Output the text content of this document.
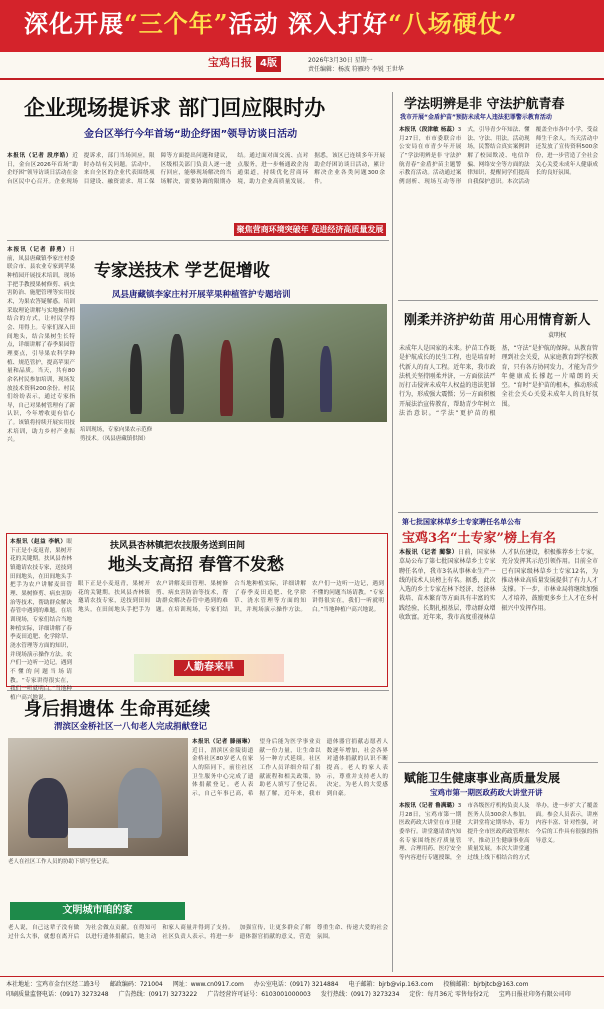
深化开展“三个年”活动 深入打好“八场硬仗”
宝鸡日报 4版	2026年3月30日 星期一
责任编辑：杨波 符雁玲 李锐 王世华
企业现场提诉求 部门回应限时办
金台区举行今年首场“助企纾困”领导访谈日活动
本报讯（记者 段序皓）近日，金台区2026年首场“助企纾困”领导访谈日活动在金台区民中心召开。企业现场提诉求，部门当场回应，限时办结有关问题。活动中，来自全区的企业代表围绕项目建设、融资需求、用工保障等方面提出问题和建议，区级相关部门负责人逐一进行回应，能够现场解决的当场解决，需要协调的限期办结。通过面对面交流、点对点服务，进一步畅通政企沟通渠道，持续优化营商环境，助力企业高质量发展。据悉，该区已连续多年开展助企纾困访谈日活动，累计解决企业各类问题300余件。
聚焦营商环境突破年 促进经济高质量发展
学法明辨是非 守法护航青春
我市开展“金盾护苗”预防未成年人违法犯罪警示教育活动
本报讯（段津敏 杨蕊）3月27日，市市委联合市公安局在市青少年开展了“学法明辨是非 守法护航青春”金盾护苗主题警示教育活动。活动通过案例剖析、现场互动等形式，引导青少年知法、懂法、守法、用法。活动现场，民警结合真实案例讲解了校园欺凌、电信诈骗、网络安全等方面的法律知识，提醒同学们提高自我保护意识。本次活动覆盖全市各中小学，受益师生千余人。当天活动中还发放了宣传资料500余份，进一步营造了全社会关心关爱未成年人健康成长的良好氛围。
本报讯（记者 薛勇）日前，凤县唐藏镇李家庄村委联合市、县农业专家到苹果种植园开展技术培训，现场手把手教授果树修剪、病虫害防治、施肥管理等实用技术，为果农答疑解惑。培训采取理论讲解与实地操作相结合的方式，让村民学得会、用得上。专家们深入田间地头，结合果树生长特点，详细讲解了春季果园管理要点，引导果农科学种植、规范管护，提高苹果产量和品质。当天，共有80余名村民参加培训，现场发放技术资料200余份。村民们纷纷表示，通过专家指导，自己对果树管理有了新认识，今年增收更有信心了。该镇将持续开展实用技术培训，助力乡村产业振兴。
专家送技术 学艺促增收
凤县唐藏镇李家庄村开展苹果种植管护专题培训
培训现场，专家向果农示范修剪技术。（凤县唐藏镇供图）
刚柔并济护幼苗 用心用情育新人
袁明权
未成年人是国家的未来。护苗工作既是护航成长的民生工程，也是培育时代新人的育人工程。近年来，我市政法机关坚持刚柔并济，一方面依法严厉打击侵害未成年人权益的违法犯罪行为，形成强大震慑；另一方面积极开展法治宣传教育，帮助青少年树立法治意识。“学法”更护苗的根基，“守法”是护航的保障。从教育管理到社会关爱，从家庭教育到学校教育，只有各方协同发力，才能为青少年健康成长撑起一片晴朗的天空。“育时”是护苗的根本，推动形成全社会关心关爱未成年人的良好氛围。
本报讯（赵益 李帆）眼下正是小麦返青，果树开花的关键期。扶风县杏林镇邀请农技专家，送技到田间地头，在田间地头手把手为农户讲解麦田管理、果树修剪、病虫害防治等技术，帮助群众解决春管中遇到的难题。在培训现场，专家们结合当地种植实际，详细讲解了春季麦田追肥、化学除草、浇水管理等方面的知识，并现场演示操作方法。农户们一边听一边记，遇到不懂的问题当场请教。“专家讲得很实在，我们一听就明白。”当地种植户高兴地说。
扶风县杏林镇把农技服务送到田间
地头支高招 春管不发愁
眼下正是小麦返青，果树开花的关键期。扶风县杏林镇邀请农技专家，送技到田间地头，在田间地头手把手为农户讲解麦田管理、果树修剪、病虫害防治等技术，帮助群众解决春管中遇到的难题。在培训现场，专家们结合当地种植实际，详细讲解了春季麦田追肥、化学除草、浇水管理等方面的知识，并现场演示操作方法。农户们一边听一边记，遇到不懂的问题当场请教。“专家讲得很实在，我们一听就明白。”当地种植户高兴地说。
人勤春来早
第七批国家林草乡土专家聘任名单公布
宝鸡3名“土专家”榜上有名
本报讯（记者 蔺黎）日前，国家林草局公布了第七批国家林草乡土专家聘任名单，我市3名从事林业生产一线的技术人员榜上有名。据悉，此次入选的乡土专家在林下经济、经济林栽培、苗木繁育等方面具有丰富的实践经验，长期扎根基层，带动群众增收致富。近年来，我市高度重视林草人才队伍建设，积极推荐乡土专家，充分发挥其示范引领作用。目前全市已有国家级林草乡土专家12名，为推动林业高质量发展提供了有力人才支撑。下一步，市林业局将继续加强人才培养，鼓励更多乡土人才在乡村振兴中发挥作用。
身后捐遗体 生命再延续
渭滨区金桥社区一八旬老人完成捐献登记
老人在社区工作人员的协助下填写登记表。
文明城市咱的家
本报讯（记者 滕丽琳）近日，渭滨区金陵街道金桥社区80岁老人在家人的陪同下，前往社区卫生服务中心完成了遗体捐献登记。老人表示，自己年事已高，希望身后能为医学事业贡献一份力量，让生命以另一种方式延续。社区工作人员详细介绍了捐献流程和相关政策，协助老人填写了登记表。据了解，近年来，我市遗体器官捐献志愿者人数逐年增加，社会各界对遗体捐献的认识不断提高。老人的家人表示，尊重并支持老人的决定，为老人的大爱感到自豪。
老人说，自己这辈子没有做过什么大事，就想在离开后为社会做点贡献。在得知可以进行遗体捐献后，她主动和家人商量并得到了支持。社区负责人表示，将进一步加强宣传，让更多群众了解遗体器官捐献的意义，营造尊重生命、传递大爱的社会氛围。
赋能卫生健康事业高质量发展
宝鸡市第一期医政药政大讲堂开讲
本报讯（记者 鲁满璐）3月28日，宝鸡市第一期医政药政大讲堂在市卫健委举行。讲堂邀请省内知名专家围绕医疗质量管理、合理用药、医疗安全等内容进行专题授课，全市各级医疗机构负责人及医务人员300余人参加。大讲堂将定期举办，着力提升全市医政药政管理水平，推动卫生健康事业高质量发展。本次大讲堂通过线上线下相结合的方式举办，进一步扩大了覆盖面。参会人员表示，讲座内容丰富、针对性强，对今后的工作具有很强的指导意义。
本社地址：宝鸡市金台区经二路3号 邮政编码：721004 网址：www.cn0917.com 办公室电话：(0917) 3214884 电子邮箱：bjrb@vip.163.com 投稿邮箱：bjrbjtcb@163.com
印刷质量监督电话：(0917) 3273248 广告热线：(0917) 3273222 广告经营许可证号：6103001000003 发行热线：(0917) 3273234 定价：每月36元 零售每份2元 宝鸡日报社印务有限公司印
